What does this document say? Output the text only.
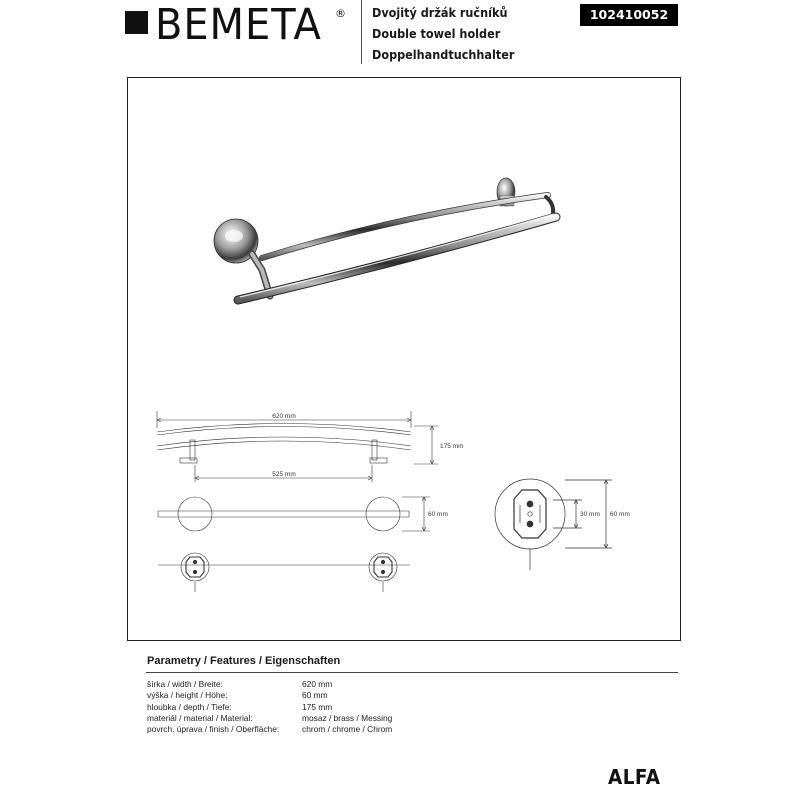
BEMETA ® Dvojitý držák ručníků
Double towel holder
Doppelhandtuchhalter
102410052
620 mm
525 mm
175 mm
60 mm	30 mm 60 mm
Parametry / Features / Eigenschaften
šírka / width / Breite:	620 mm
výška / height / Höhe:	60 mm
hloubka / depth / Tiefe:	175 mm
materiál / material / Material:	mosaz / brass / Messing
povrch. úprava / finish / Oberfläche:	chrom / chrome / Chrom
ALFA
